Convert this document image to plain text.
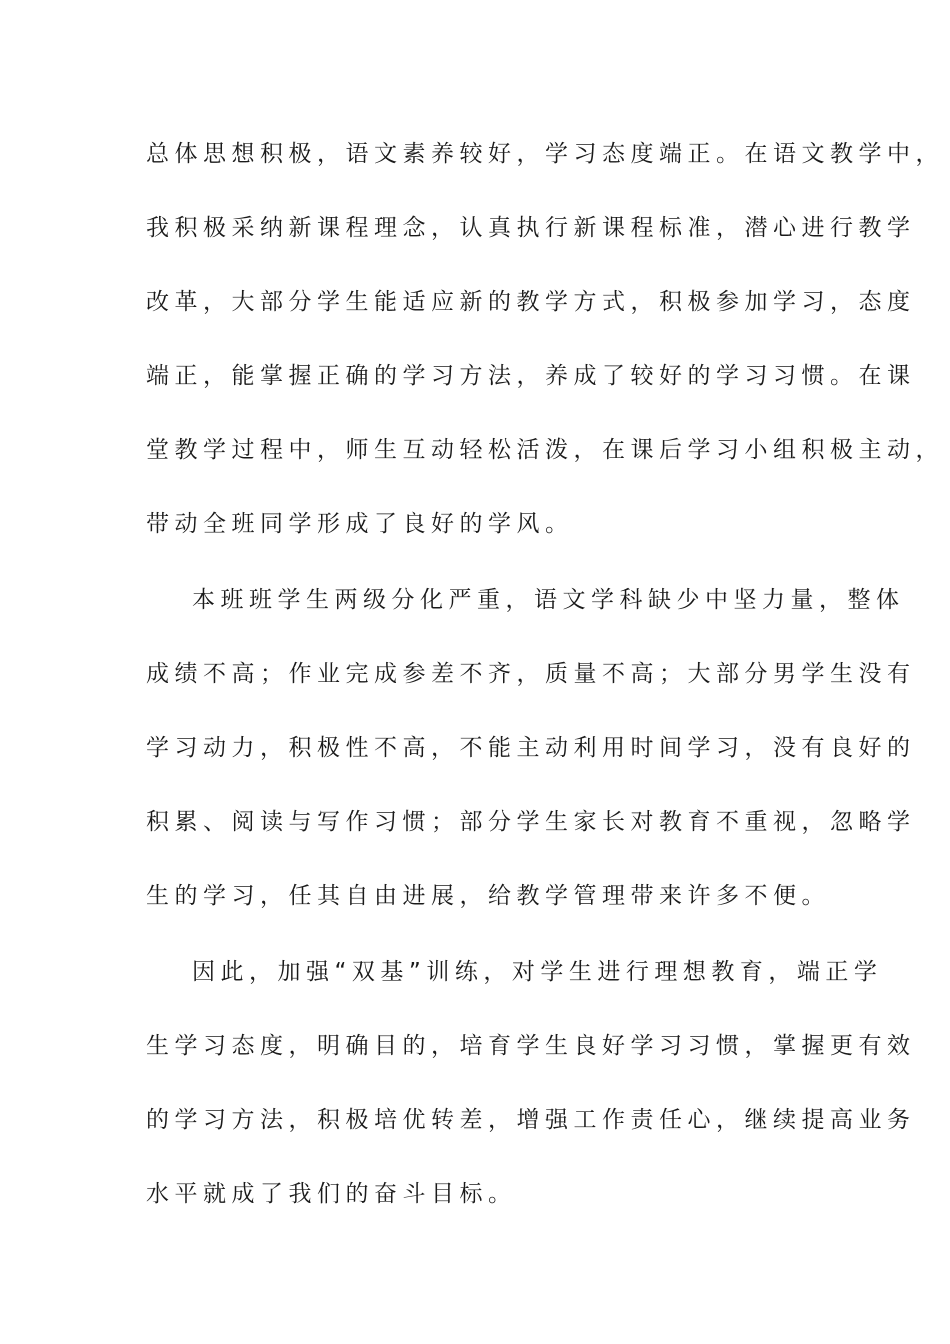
总体思想积极，语文素养较好，学习态度端正。在语文教学中，
我积极采纳新课程理念，认真执行新课程标准，潜心进行教学
改革，大部分学生能适应新的教学方式，积极参加学习，态度
端正，能掌握正确的学习方法，养成了较好的学习习惯。在课
堂教学过程中，师生互动轻松活泼，在课后学习小组积极主动，
带动全班同学形成了良好的学风。
本班班学生两级分化严重，语文学科缺少中坚力量，整体
成绩不高；作业完成参差不齐，质量不高；大部分男学生没有
学习动力，积极性不高，不能主动利用时间学习，没有良好的
积累、阅读与写作习惯；部分学生家长对教育不重视，忽略学
生的学习，任其自由进展，给教学管理带来许多不便。
因此，加强“双基”训练，对学生进行理想教育，端正学
生学习态度，明确目的，培育学生良好学习习惯，掌握更有效
的学习方法，积极培优转差，增强工作责任心，继续提高业务
水平就成了我们的奋斗目标。
